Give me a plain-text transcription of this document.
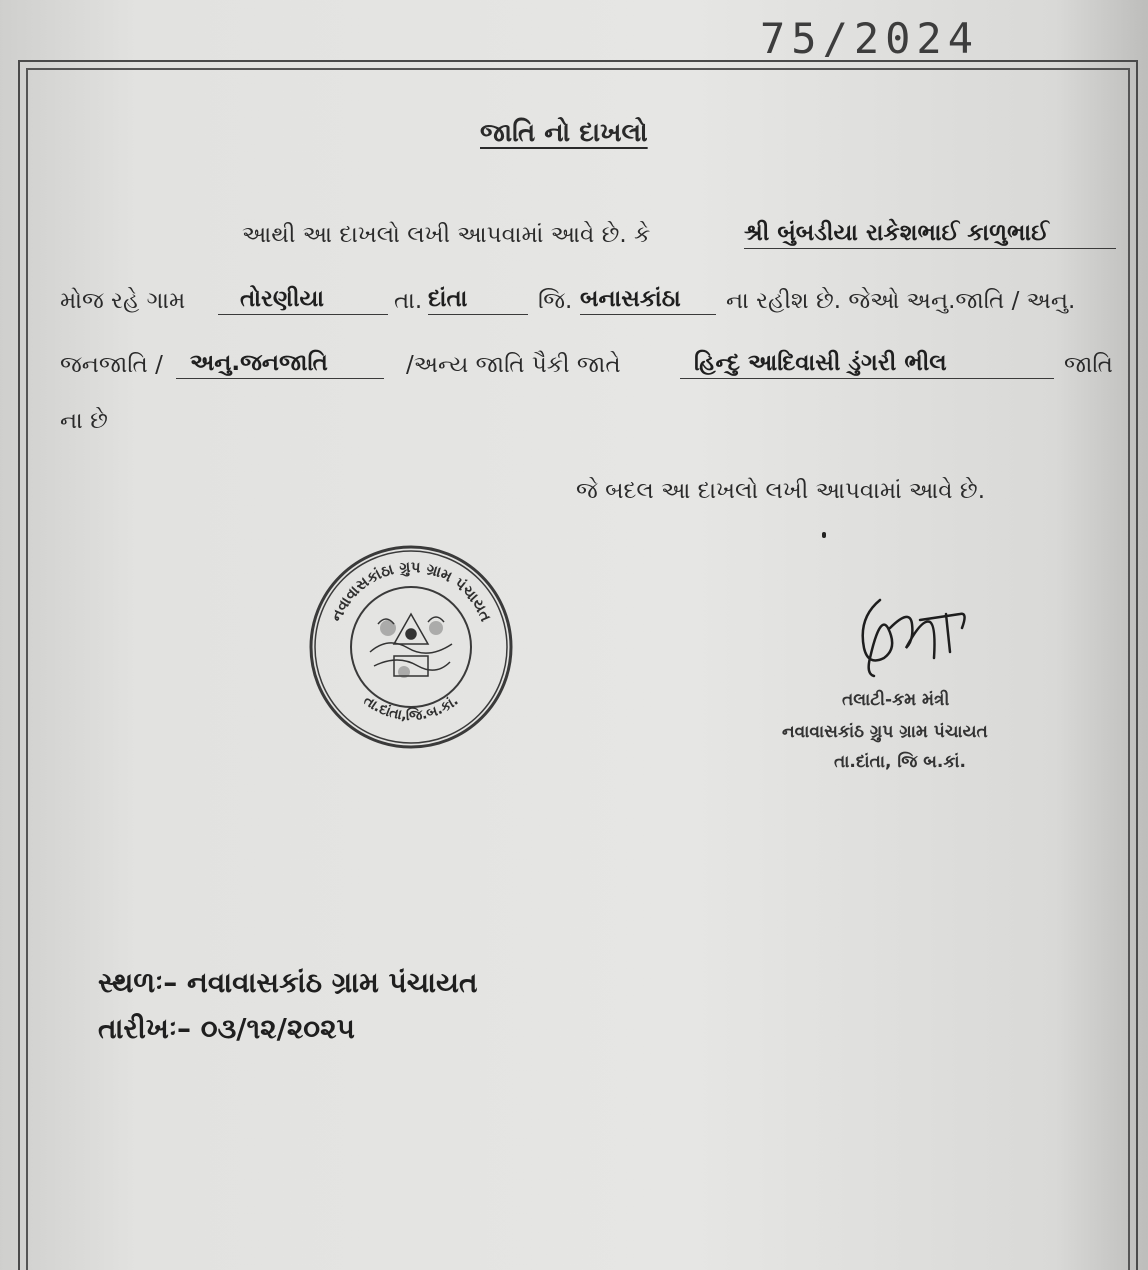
75/2024
જાતિ નો દાખલો
આથી આ દાખલો લખી આપવામાં આવે છે. કે	શ્રી બુંબડીયા રાકેશભાઈ કાળુભાઈ
મોજ રહે ગામ	તોરણીયા	તા. દાંતા	જિ. બનાસકાંઠા	ના રહીશ છે. જેઓ અનુ.જાતિ / અનુ.
જનજાતિ /	અનુ.જનજાતિ	/અન્ય જાતિ પૈકી જાતે	હિન્દુ આદિવાસી ડુંગરી ભીલ	જાતિ
ના છે
જે બદલ આ દાખલો લખી આપવામાં આવે છે.
નવાવાસકાંઠા ગ્રુપ ગ્રામ પંચાયત
તા.દાંતા,જિ.બ.કાં.	તલાટી-કમ મંત્રી
નવાવાસકાંઠ ગ્રુપ ગ્રામ પંચાયત
તા.દાંતા, જિ બ.કાં.
સ્થળઃ– નવાવાસકાંઠ ગ્રામ પંચાયત
તારીખઃ– ૦૩/૧૨/૨૦૨૫
